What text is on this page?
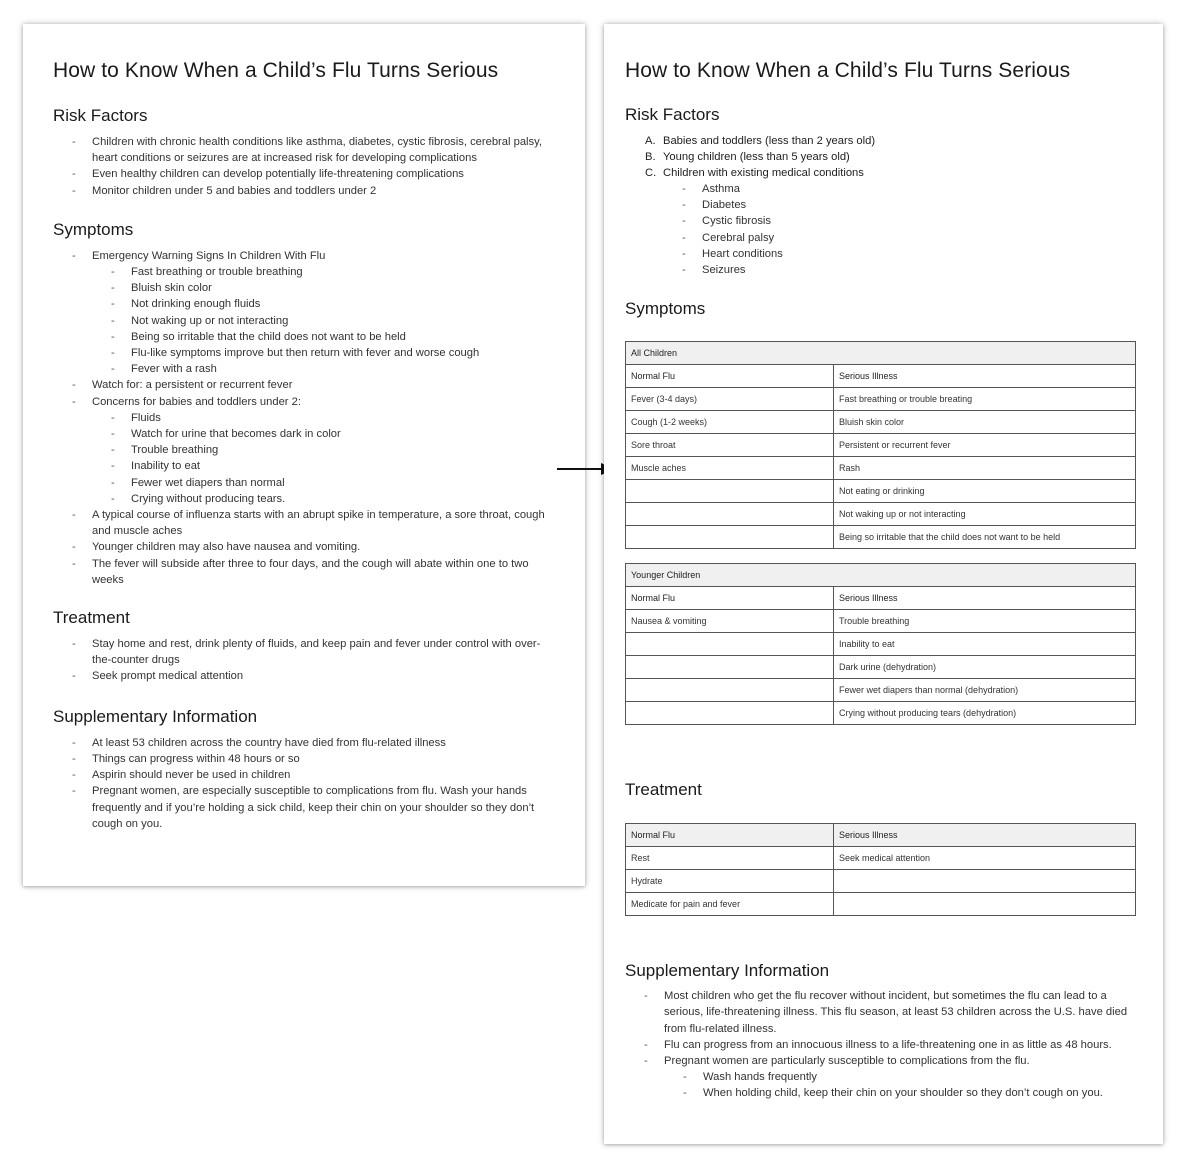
How to Know When a Child’s Flu Turns Serious
Risk Factors
- Children with chronic health conditions like asthma, diabetes, cystic fibrosis, cerebral palsy, heart conditions or seizures are at increased risk for developing complications
- Even healthy children can develop potentially life-threatening complications
- Monitor children under 5 and babies and toddlers under 2
Symptoms
- Emergency Warning Signs In Children With Flu
- Fast breathing or trouble breathing
- Bluish skin color
- Not drinking enough fluids
- Not waking up or not interacting
- Being so irritable that the child does not want to be held
- Flu-like symptoms improve but then return with fever and worse cough
- Fever with a rash
- Watch for: a persistent or recurrent fever
- Concerns for babies and toddlers under 2:
- Fluids
- Watch for urine that becomes dark in color
- Trouble breathing
- Inability to eat
- Fewer wet diapers than normal
- Crying without producing tears.
- A typical course of influenza starts with an abrupt spike in temperature, a sore throat, cough and muscle aches
- Younger children may also have nausea and vomiting.
- The fever will subside after three to four days, and the cough will abate within one to two weeks
Treatment
- Stay home and rest, drink plenty of fluids, and keep pain and fever under control with over-the-counter drugs
- Seek prompt medical attention
Supplementary Information
- At least 53 children across the country have died from flu-related illness
- Things can progress within 48 hours or so
- Aspirin should never be used in children
- Pregnant women, are especially susceptible to complications from flu. Wash your hands frequently and if you’re holding a sick child, keep their chin on your shoulder so they don’t cough on you.
How to Know When a Child’s Flu Turns Serious
Risk Factors
A. Babies and toddlers (less than 2 years old)
B. Young children (less than 5 years old)
C. Children with existing medical conditions
- Asthma
- Diabetes
- Cystic fibrosis
- Cerebral palsy
- Heart conditions
- Seizures
Symptoms
All Children	
Normal Flu	Serious Illness
Fever (3-4 days)	Fast breathing or trouble breating
Cough (1-2 weeks)	Bluish skin color
Sore throat	Persistent or recurrent fever
Muscle aches	Rash
	Not eating or drinking
	Not waking up or not interacting
	Being so irritable that the child does not want to be held
Younger Children	
Normal Flu	Serious Illness
Nausea & vomiting	Trouble breathing
	Inability to eat
	Dark urine (dehydration)
	Fewer wet diapers than normal (dehydration)
	Crying without producing tears (dehydration)
Treatment
Normal Flu	Serious Illness
Rest	Seek medical attention
Hydrate	
Medicate for pain and fever	
Supplementary Information
- Most children who get the flu recover without incident, but sometimes the flu can lead to a serious, life-threatening illness. This flu season, at least 53 children across the U.S. have died from flu-related illness.
- Flu can progress from an innocuous illness to a life-threatening one in as little as 48 hours.
- Pregnant women are particularly susceptible to complications from the flu.
- Wash hands frequently
- When holding child, keep their chin on your shoulder so they don’t cough on you.
